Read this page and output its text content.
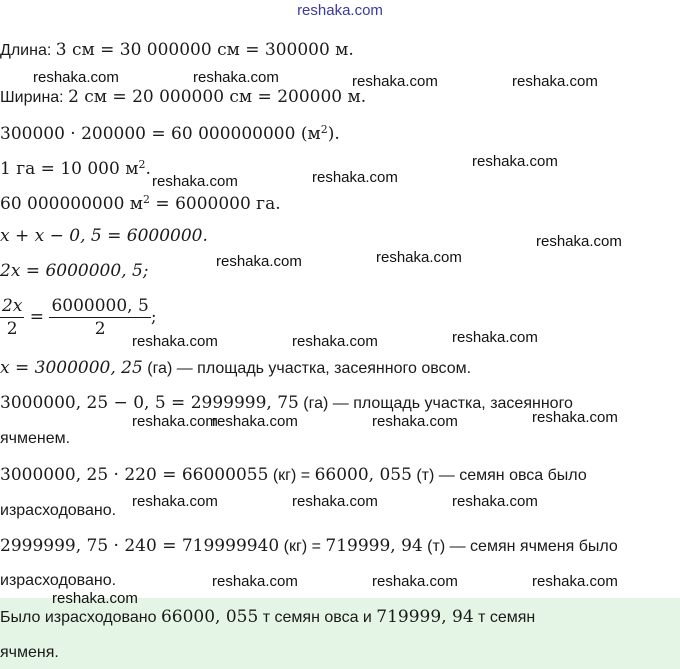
reshaka.com
Длина: 3 см = 30 000000 см = 300000 м.
Ширина: 2 см = 20 000000 см = 200000 м.
300000 · 200000 = 60 000000000 $(м^2)$.
1 га = 10 000 $м^2$.
60 000000000 $м^2 = 6000000$ га.
x + x − 0, 5 = 6000000.
2x = 6000000, 5;
$\frac{2x}{2} = \frac{6000000, 5}{2}$ ;
x = 3000000, 25 (га) — площадь участка, засеянного овсом.
3000000, 25 − 0, 5 = 2999999, 75 (га) — площадь участка, засеянного
ячменем.
3000000, 25 · 220 = 66000055 (кг) = 66000, 055 (т) — семян овса было
израсходовано.
2999999, 75 · 240 = 719999940 (кг) = 719999, 94 (т) — семян ячменя было
израсходовано.
Было израсходовано 66000, 055 т семян овса и 719999, 94 т семян
ячменя.
reshaka.com	reshaka.com	reshaka.com	reshaka.com
reshaka.com
reshaka.com	reshaka.com
reshaka.com
reshaka.com	reshaka.com
reshaka.com	reshaka.com	reshaka.com
reshaka.com
reshaka.com	reshaka.com	reshaka.com
reshaka.com	reshaka.com	reshaka.com
reshaka.com	reshaka.com	reshaka.com
reshaka.com
